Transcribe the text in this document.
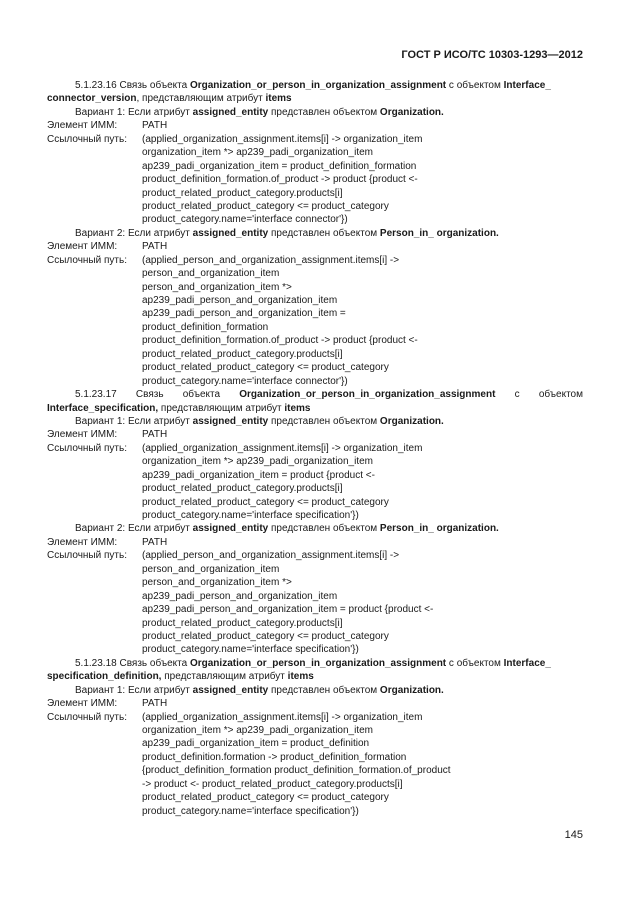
ГОСТ Р ИСО/ТС 10303-1293—2012
5.1.23.16 Связь объекта Organization_or_person_in_organization_assignment с объектом Interface_
connector_version, представляющим атрибут items
Вариант 1: Если атрибут assigned_entity представлен объектом Organization.
Элемент ИММ:	PATH
Ссылочный путь:	(applied_organization_assignment.items[i] -> organization_item
organization_item *> ap239_padi_organization_item
ap239_padi_organization_item = product_definition_formation
product_definition_formation.of_product -> product {product <-
product_related_product_category.products[i]
product_related_product_category <= product_category
product_category.name='interface connector'})
Вариант 2: Если атрибут assigned_entity представлен объектом Person_in_ organization.
Элемент ИММ:	PATH
Ссылочный путь:	(applied_person_and_organization_assignment.items[i] ->
person_and_organization_item
person_and_organization_item *>
ap239_padi_person_and_organization_item
ap239_padi_person_and_organization_item =
product_definition_formation
product_definition_formation.of_product -> product {product <-
product_related_product_category.products[i]
product_related_product_category <= product_category
product_category.name='interface connector'})
5.1.23.17 Связь объекта Organization_or_person_in_organization_assignment с объектом
Interface_specification, представляющим атрибут items
Вариант 1: Если атрибут assigned_entity представлен объектом Organization.
Элемент ИММ:	PATH
Ссылочный путь:	(applied_organization_assignment.items[i] -> organization_item
organization_item *> ap239_padi_organization_item
ap239_padi_organization_item = product {product <-
product_related_product_category.products[i]
product_related_product_category <= product_category
product_category.name='interface specification'})
Вариант 2: Если атрибут assigned_entity представлен объектом Person_in_ organization.
Элемент ИММ:	PATH
Ссылочный путь:	(applied_person_and_organization_assignment.items[i] ->
person_and_organization_item
person_and_organization_item *>
ap239_padi_person_and_organization_item
ap239_padi_person_and_organization_item = product {product <-
product_related_product_category.products[i]
product_related_product_category <= product_category
product_category.name='interface specification'})
5.1.23.18 Связь объекта Organization_or_person_in_organization_assignment с объектом Interface_
specification_definition, представляющим атрибут items
Вариант 1: Если атрибут assigned_entity представлен объектом Organization.
Элемент ИММ:	PATH
Ссылочный путь:	(applied_organization_assignment.items[i] -> organization_item
organization_item *> ap239_padi_organization_item
ap239_padi_organization_item = product_definition
product_definition.formation -> product_definition_formation
{product_definition_formation product_definition_formation.of_product
-> product <- product_related_product_category.products[i]
product_related_product_category <= product_category
product_category.name='interface specification'})
145
